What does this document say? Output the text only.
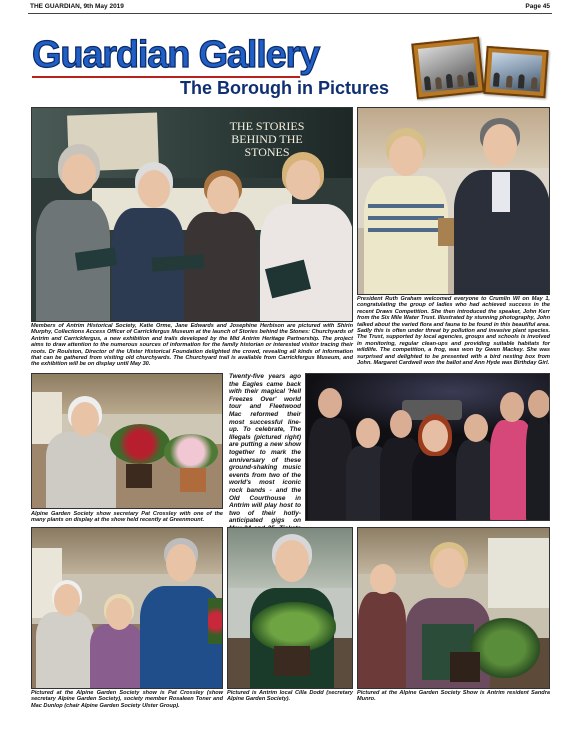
THE GUARDIAN, 9th May 2019	Page 45
Guardian Gallery
The Borough in Pictures
THE STORIES BEHIND THE STONES
Members of Antrim Historical Society, Katie Orme, Jane Edwards and Josephine Herbison are pictured with Shirin Murphy, Collections Access Officer of Carrickfergus Museum at the launch of Stories behind the Stones: Churchyards of Antrim and Carrickfergus, a new exhibition and trails developed by the Mid Antrim Heritage Partnership. The project aims to draw attention to the numerous sources of information for the family historian or interested visitor tracing their roots. Dr Roulston, Director of the Ulster Historical Foundation delighted the crowd, revealing all kinds of information that can be gathered from visiting old churchyards. The Churchyard trail is available from Carrickfergus Museum, and the exhibition will be on display until May 30.
President Ruth Graham welcomed everyone to Crumlin WI on May 1, congratulating the group of ladies who had achieved success in the recent Draws Competition. She then introduced the speaker, John Kerr from the Six Mile Water Trust. Illustrated by stunning photography, John talked about the varied flora and fauna to be found in this beautiful area. Sadly this is often under threat by pollution and invasive plant species. The Trust, supported by local agencies, groups and schools is involved in monitoring, regular clean-ups and providing suitable habitats for wildlife. The competition, a frog, was won by Gwen Mackey. She was surprised and delighted to be presented with a bird nesting box from John. Margaret Cardwell won the ballot and Ann Hyde was Birthday Girl.
Alpine Garden Society show secretary Pat Crossley with one of the many plants on display at the show held recently at Greenmount.
Twenty-five years ago the Eagles came back with their magical 'Hell Freezes Over' world tour and Fleetwood Mac reformed their most successful line-up. To celebrate, The Illegals (pictured right) are putting a new show together to mark the anniversary of these ground-shaking music events from two of the world's most iconic rock bands - and the Old Courthouse in Antrim will play host to two of their hotly-anticipated gigs on
Pictured at the Alpine Garden Society show is Pat Crossley (show secretary Alpine Garden Society), society member Rosaleen Toner and Mac Dunlop (chair Alpine Garden Society Ulster Group).
Pictured is Antrim local Cilla Dodd (secretary Alpine Garden Society).
Pictured at the Alpine Garden Society Show is Antrim resident Sandra Munro.
